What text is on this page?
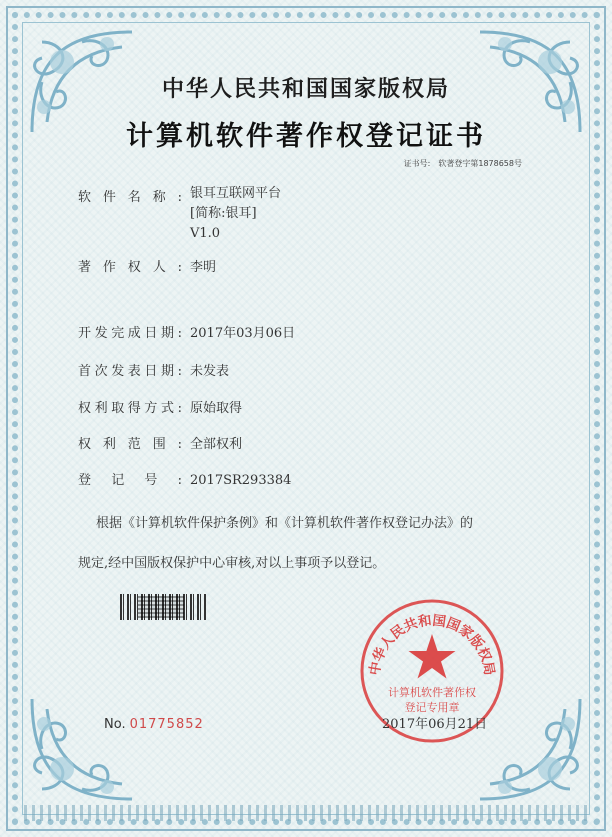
中华人民共和国国家版权局
计算机软件著作权登记证书
证书号: 软著登字第1878658号
软件名称: 银耳互联网平台
[简称:银耳]
V1.0
著作权人: 李明
开发完成日期: 2017年03月06日
首次发表日期: 未发表
权利取得方式: 原始取得
权利范围: 全部权利
登记号: 2017SR293384
根据《计算机软件保护条例》和《计算机软件著作权登记办法》的
规定,经中国版权保护中心审核,对以上事项予以登记。
No. 01775852
中华人民共和国国家版权局
计算机软件著作权
登记专用章
2017年06月21日
